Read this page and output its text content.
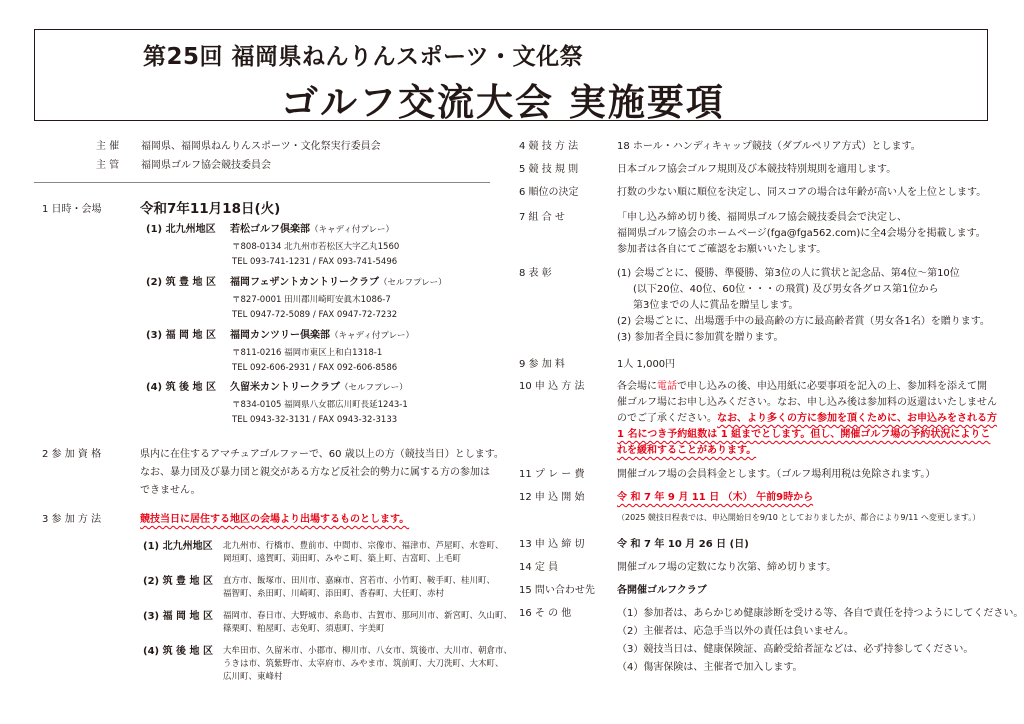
第25回 福岡県ねんりんスポーツ・文化祭
ゴルフ交流大会 実施要項
主 催 福岡県、福岡県ねんりんスポーツ・文化祭実行委員会
主 管 福岡県ゴルフ協会競技委員会
1 日時・会場	令和7年11月18日(火)
(1) 北九州地区 若松ゴルフ倶楽部（キャディ付プレー）
〒808-0134 北九州市若松区大字乙丸1560
TEL 093-741-1231 / FAX 093-741-5496
(2) 筑 豊 地 区 福岡フェザントカントリークラブ（セルフプレー）
〒827-0001 田川郡川崎町安眞木1086-7
TEL 0947-72-5089 / FAX 0947-72-7232
(3) 福 岡 地 区 福岡カンツリー倶楽部（キャディ付プレー）
〒811-0216 福岡市東区上和白1318-1
TEL 092-606-2931 / FAX 092-606-8586
(4) 筑 後 地 区 久留米カントリークラブ（セルフプレー）
〒834-0105 福岡県八女郡広川町長延1243-1
TEL 0943-32-3131 / FAX 0943-32-3133
2 参 加 資 格	県内に在住するアマチュアゴルファーで、60 歳以上の方（競技当日）とします。
なお、暴力団及び暴力団と親交がある方など反社会的勢力に属する方の参加は
できません。
3 参 加 方 法	競技当日に居住する地区の会場より出場するものとします。
(1) 北九州地区 北九州市、行橋市、豊前市、中間市、宗像市、福津市、芦屋町、水巻町、
岡垣町、遠賀町、苅田町、みやこ町、築上町、吉富町、上毛町
(2) 筑 豊 地 区 直方市、飯塚市、田川市、嘉麻市、宮若市、小竹町、鞍手町、桂川町、
福智町、糸田町、川崎町、添田町、香春町、大任町、赤村
(3) 福 岡 地 区 福岡市、春日市、大野城市、糸島市、古賀市、那珂川市、新宮町、久山町、
篠栗町、粕屋町、志免町、須恵町、宇美町
(4) 筑 後 地 区 大牟田市、久留米市、小郡市、柳川市、八女市、筑後市、大川市、朝倉市、
うきは市、筑紫野市、太宰府市、みやま市、筑前町、大刀洗町、大木町、
広川町、東峰村
4 競 技 方 法	18 ホール・ハンディキャップ競技（ダブルペリア方式）とします。
5 競 技 規 則	日本ゴルフ協会ゴルフ規則及び本競技特別規則を適用します。
6 順位の決定	打数の少ない順に順位を決定し、同スコアの場合は年齢が高い人を上位とします。
7 組 合 せ	「申し込み締め切り後、福岡県ゴルフ協会競技委員会で決定し、
福岡県ゴルフ協会のホームページ(fga@fga562.com)に全4会場分を掲載します。
参加者は各自にてご確認をお願いいたします。
8 表 彰	(1) 会場ごとに、優勝、準優勝、第3位の人に賞状と記念品、第4位〜第10位
(以下20位、40位、60位・・・の飛賞) 及び男女各グロス第1位から
第3位までの人に賞品を贈呈します。
(2) 会場ごとに、出場選手中の最高齢の方に最高齢者賞（男女各1名）を贈ります。
(3) 参加者全員に参加賞を贈ります。
9 参 加 料	1人 1,000円
10 申 込 方 法	各会場に電話で申し込みの後、申込用紙に必要事項を記入の上、参加料を添えて開
催ゴルフ場にお申し込みください。なお、申し込み後は参加料の返還はいたしません
のでご了承ください。なお、より多くの方に参加を頂くために、お申込みをされる方
1 名につき予約組数は 1 組までとします。但し、開催ゴルフ場の予約状況によりこ
れを緩和することがあります。
11 プ レ ー 費	開催ゴルフ場の会員料金とします。（ゴルフ場利用税は免除されます。）
12 申 込 開 始	令 和 7 年 9 月 11 日 （木） 午前9時から
（2025 競技日程表では、申込開始日を9/10 としておりましたが、都合により9/11 へ変更します。）
13 申 込 締 切	令 和 7 年 10 月 26 日 (日)
14 定 員	開催ゴルフ場の定数になり次第、締め切ります。
15 問い合わせ先 各開催ゴルフクラブ
16 そ の 他	（1）参加者は、あらかじめ健康診断を受ける等、各自で責任を持つようにしてください。
（2）主催者は、応急手当以外の責任は負いません。
（3）競技当日は、健康保険証、高齢受給者証などは、必ず持参してください。
（4）傷害保険は、主催者で加入します。
